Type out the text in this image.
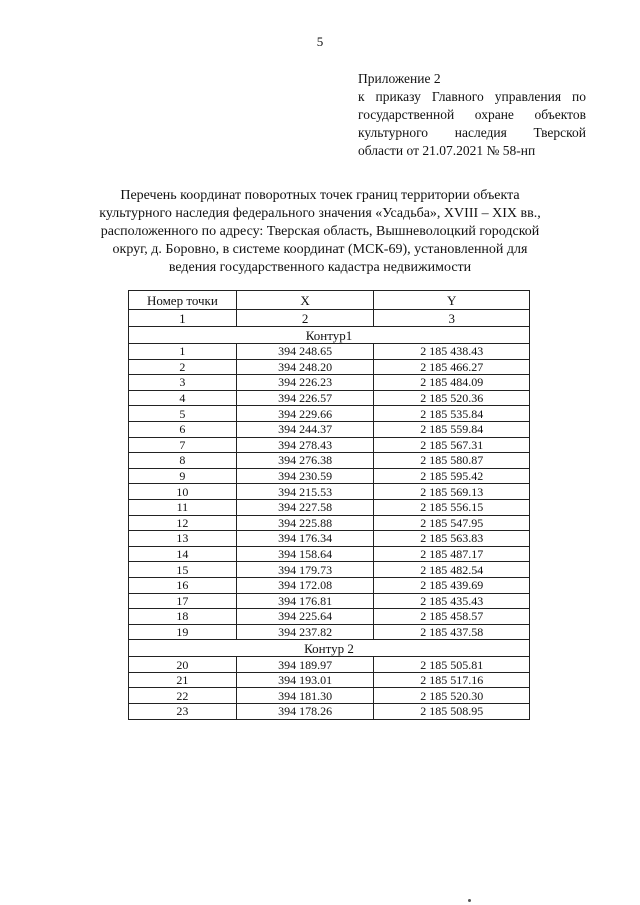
5
Приложение 2
к приказу Главного управления по
государственной охране объектов
культурного наследия Тверской
области от 21.07.2021 № 58-нп
Перечень координат поворотных точек границ территории объекта
культурного наследия федерального значения «Усадьба», XVIII – XIX вв.,
расположенного по адресу: Тверская область, Вышневолоцкий городской
округ, д. Боровно, в системе координат (МСК-69), установленной для
ведения государственного кадастра недвижимости
Номер точки	X	Y
1	2	3
Контур1		
1	394 248.65	2 185 438.43
2	394 248.20	2 185 466.27
3	394 226.23	2 185 484.09
4	394 226.57	2 185 520.36
5	394 229.66	2 185 535.84
6	394 244.37	2 185 559.84
7	394 278.43	2 185 567.31
8	394 276.38	2 185 580.87
9	394 230.59	2 185 595.42
10	394 215.53	2 185 569.13
11	394 227.58	2 185 556.15
12	394 225.88	2 185 547.95
13	394 176.34	2 185 563.83
14	394 158.64	2 185 487.17
15	394 179.73	2 185 482.54
16	394 172.08	2 185 439.69
17	394 176.81	2 185 435.43
18	394 225.64	2 185 458.57
19	394 237.82	2 185 437.58
Контур 2		
20	394 189.97	2 185 505.81
21	394 193.01	2 185 517.16
22	394 181.30	2 185 520.30
23	394 178.26	2 185 508.95
